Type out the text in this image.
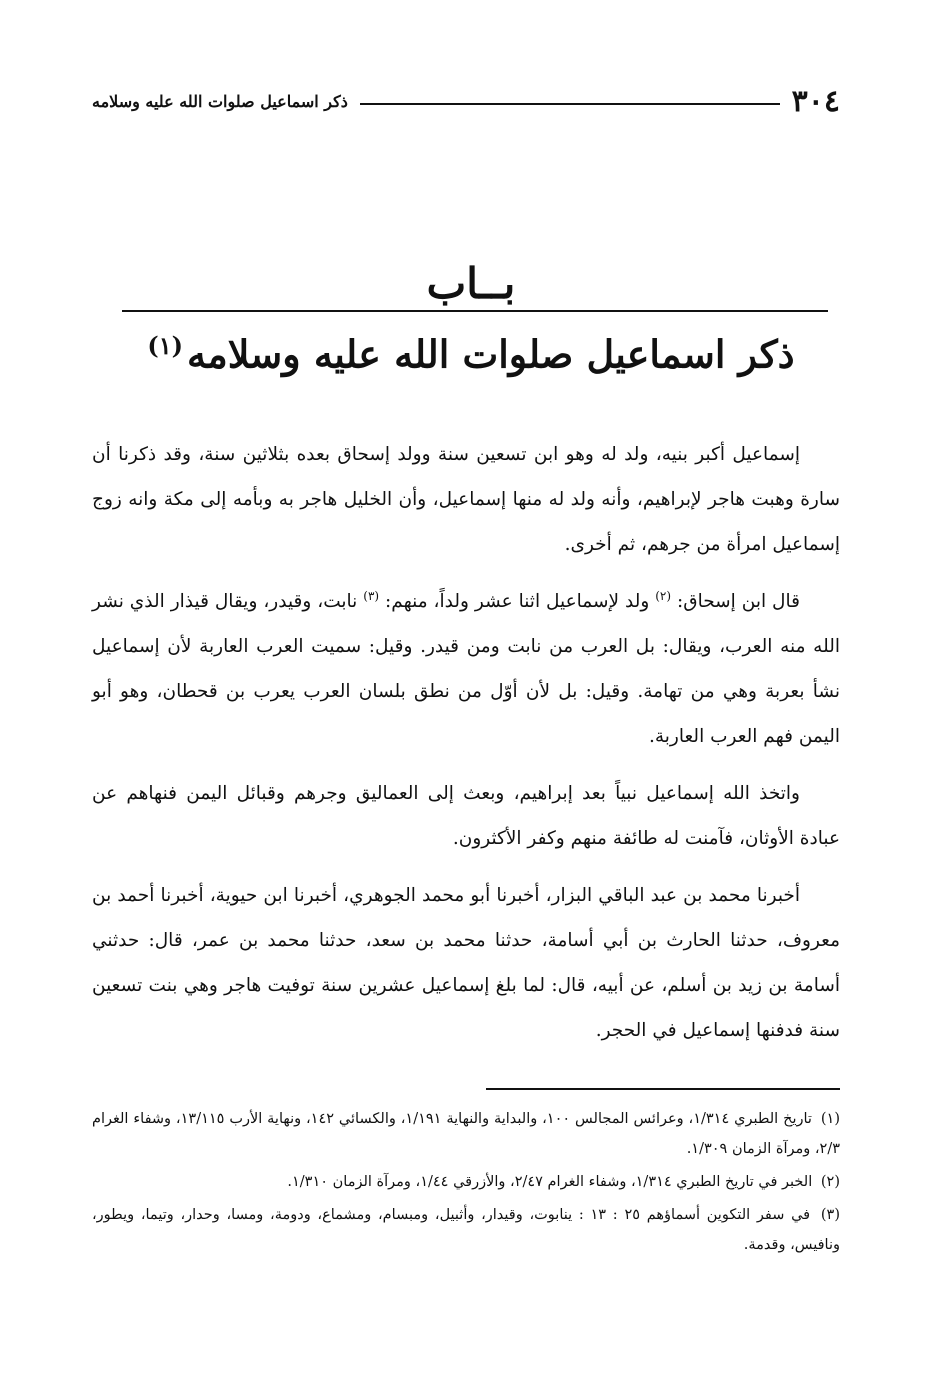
٣٠٤
ذكر اسماعيل صلوات الله عليه وسلامه
بــاب
ذكر اسماعيل صلوات الله عليه وسلامه$^{(١)}$

إسماعيل أكبر بنيه، ولد له وهو ابن تسعين سنة وولد إسحاق بعده بثلاثين سنة، وقد ذكرنا أن سارة وهبت هاجر لإبراهيم، وأنه ولد له منها إسماعيل، وأن الخليل هاجر به وبأمه إلى مكة وانه زوج إسماعيل امرأة من جرهم، ثم أخرى.

قال ابن إسحاق: $^{(٢)}$ ولد لإسماعيل اثنا عشر ولداً، منهم: $^{(٣)}$ نابت، وقيدر، ويقال قيذار الذي نشر الله منه العرب، ويقال: بل العرب من نابت ومن قيدر. وقيل: سميت العرب العاربة لأن إسماعيل نشأ بعربة وهي من تهامة. وقيل: بل لأن أوّل من نطق بلسان العرب يعرب بن قحطان، وهو أبو اليمن فهم العرب العاربة.

واتخذ الله إسماعيل نبياً بعد إبراهيم، وبعث إلى العماليق وجرهم وقبائل اليمن فنهاهم عن عبادة الأوثان، فآمنت له طائفة منهم وكفر الأكثرون.

أخبرنا محمد بن عبد الباقي البزار، أخبرنا أبو محمد الجوهري، أخبرنا ابن حيوية، أخبرنا أحمد بن معروف، حدثنا الحارث بن أبي أسامة، حدثنا محمد بن سعد، حدثنا محمد بن عمر، قال: حدثني أسامة بن زيد بن أسلم، عن أبيه، قال: لما بلغ إسماعيل عشرين سنة توفيت هاجر وهي بنت تسعين سنة فدفنها إسماعيل في الحجر.

(١) تاريخ الطبري ١/٣١٤، وعرائس المجالس ١٠٠، والبداية والنهاية ١/١٩١، والكسائي ١٤٢، ونهاية الأرب ١٣/١١٥، وشفاء الغرام ٢/٣، ومرآة الزمان ١/٣٠٩.

(٢) الخبر في تاريخ الطبري ١/٣١٤، وشفاء الغرام ٢/٤٧، والأزرقي ١/٤٤، ومرآة الزمان ١/٣١٠.

(٣) في سفر التكوين أسماؤهم ٢٥ : ١٣ : ينابوت، وقيدار، وأثبيل، ومبسام، ومشماع، ودومة، ومسا، وحدار، وتيما، ويطور، ونافيس، وقدمة.
